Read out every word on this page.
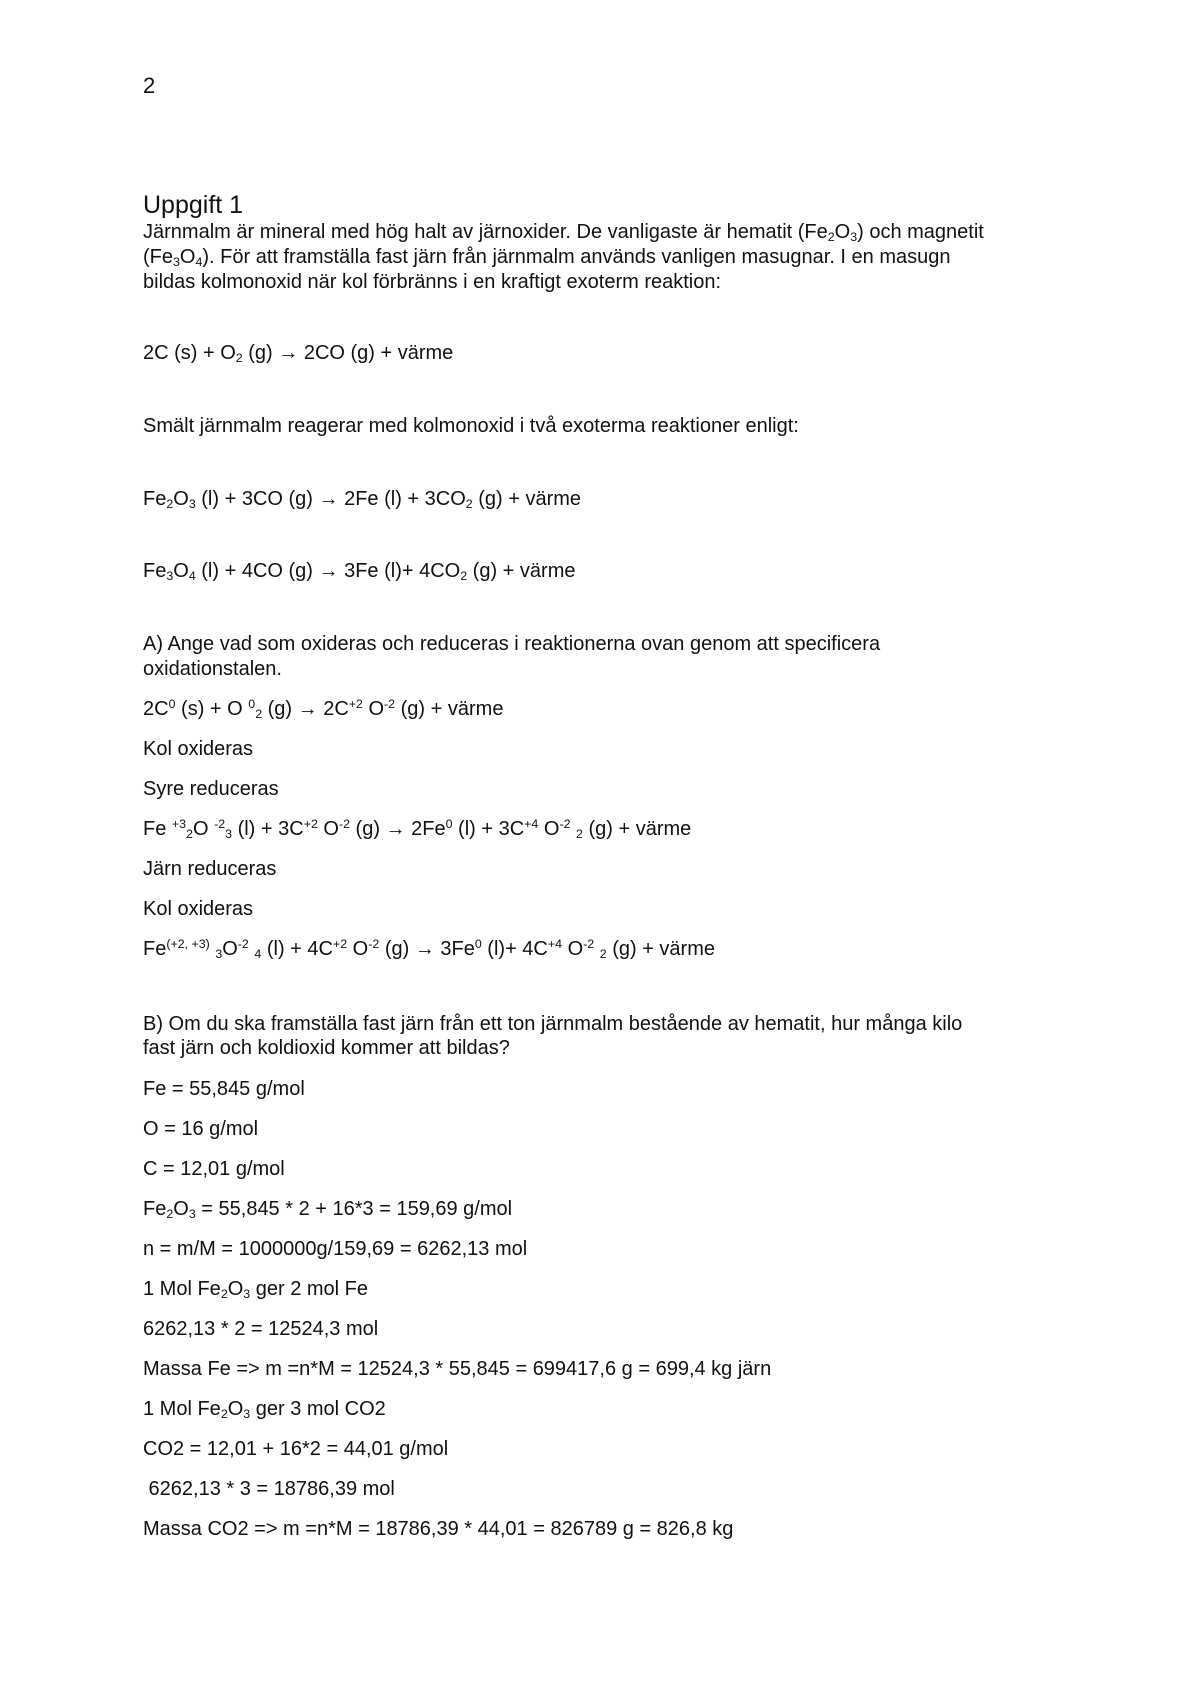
2

Uppgift 1

Järnmalm är mineral med hög halt av järnoxider. De vanligaste är hematit $(Fe_2O_3)$ och magnetit

$(Fe_3O_4)$. För att framställa fast järn från järnmalm används vanligen masugnar. I en masugn

bildas kolmonoxid när kol förbränns i en kraftigt exoterm reaktion:

2C $(s) + O_2$ (g) → 2CO (g) + värme

Smält järnmalm reagerar med kolmonoxid i två exoterma reaktioner enligt:

$Fe_2O_3$ (l) + 3CO (g) → 2Fe $(l) + 3CO_2$ (g) + värme

$Fe_3O_4$ (l) + 4CO (g) → 3Fe $(l)+ 4CO_2$ (g) + värme

A) Ange vad som oxideras och reduceras i reaktionerna ovan genom att specificera

oxidationstalen.

$2C^0$ (s) + O $^0_2$ $(g) \to 2C^{+2}$ $O^{-2}$ (g) + värme

Kol oxideras

Syre reduceras

Fe $^{+3}_2$O $^{-2}_3$ $(l) + 3C^{+2}$ $O^{-2}$ $(g) \to 2Fe^0$ $(l) + 3C^{+4}$ $O^{-2}$ $_2$ (g) + värme

Järn reduceras

Kol oxideras

$Fe^{(+2, +3)}$ $_3O^{-2}$ $_4$ $(l) + 4C^{+2}$ $O^{-2}$ $(g) \to 3Fe^0$ $(l)+ 4C^{+4}$ $O^{-2}$ $_2$ (g) + värme

B) Om du ska framställa fast järn från ett ton järnmalm bestående av hematit, hur många kilo

fast järn och koldioxid kommer att bildas?

Fe = 55,845 g/mol

O = 16 g/mol

C = 12,01 g/mol

$Fe_2O_3 = 55,845 * 2 + 16*3 = 159,69$ g/mol

n = m/M = 1000000g/159,69 = 6262,13 mol

1 Mol $Fe_2O_3$ ger 2 mol Fe

6262,13 * 2 = 12524,3 mol

Massa Fe => m =n*M = 12524,3 * 55,845 = 699417,6 g = 699,4 kg järn

1 Mol $Fe_2O_3$ ger 3 mol CO2

CO2 = 12,01 + 16*2 = 44,01 g/mol

6262,13 * 3 = 18786,39 mol

Massa CO2 => m =n*M = 18786,39 * 44,01 = 826789 g = 826,8 kg
